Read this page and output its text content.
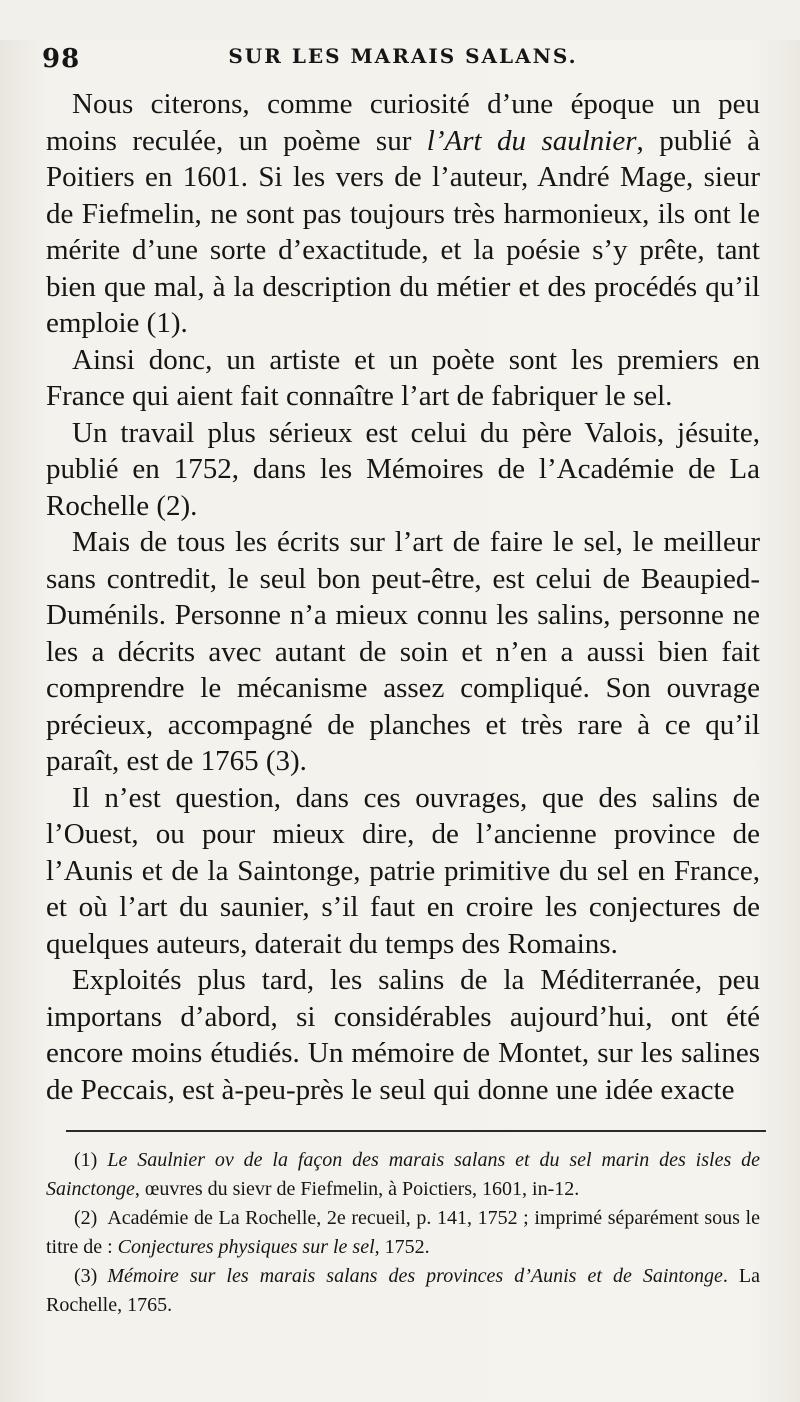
98	SUR LES MARAIS SALANS.

Nous citerons, comme curiosité d’une époque un peu moins reculée, un poème sur l’Art du saulnier, publié à Poitiers en 1601. Si les vers de l’auteur, André Mage, sieur de Fiefmelin, ne sont pas toujours très harmonieux, ils ont le mérite d’une sorte d’exactitude, et la poésie s’y prête, tant bien que mal, à la description du métier et des procédés qu’il emploie (1).

Ainsi donc, un artiste et un poète sont les premiers en France qui aient fait connaître l’art de fabriquer le sel.

Un travail plus sérieux est celui du père Valois, jésuite, publié en 1752, dans les Mémoires de l’Académie de La Rochelle (2).

Mais de tous les écrits sur l’art de faire le sel, le meilleur sans contredit, le seul bon peut-être, est celui de Beaupied-Duménils. Personne n’a mieux connu les salins, personne ne les a décrits avec autant de soin et n’en a aussi bien fait comprendre le mécanisme assez compliqué. Son ouvrage précieux, accompagné de planches et très rare à ce qu’il paraît, est de 1765 (3).

Il n’est question, dans ces ouvrages, que des salins de l’Ouest, ou pour mieux dire, de l’ancienne province de l’Aunis et de la Saintonge, patrie primitive du sel en France, et où l’art du saunier, s’il faut en croire les conjectures de quelques auteurs, daterait du temps des Romains.

Exploités plus tard, les salins de la Méditerranée, peu importans d’abord, si considérables aujourd’hui, ont été encore moins étudiés. Un mémoire de Montet, sur les salines de Peccais, est à-peu-près le seul qui donne une idée exacte

(1) Le Saulnier ov de la façon des marais salans et du sel marin des isles de Sainctonge, œuvres du sievr de Fiefmelin, à Poictiers, 1601, in-12.

(2) Académie de La Rochelle, 2e recueil, p. 141, 1752 ; imprimé séparément sous le titre de : Conjectures physiques sur le sel, 1752.

(3) Mémoire sur les marais salans des provinces d’Aunis et de Saintonge. La Rochelle, 1765.
